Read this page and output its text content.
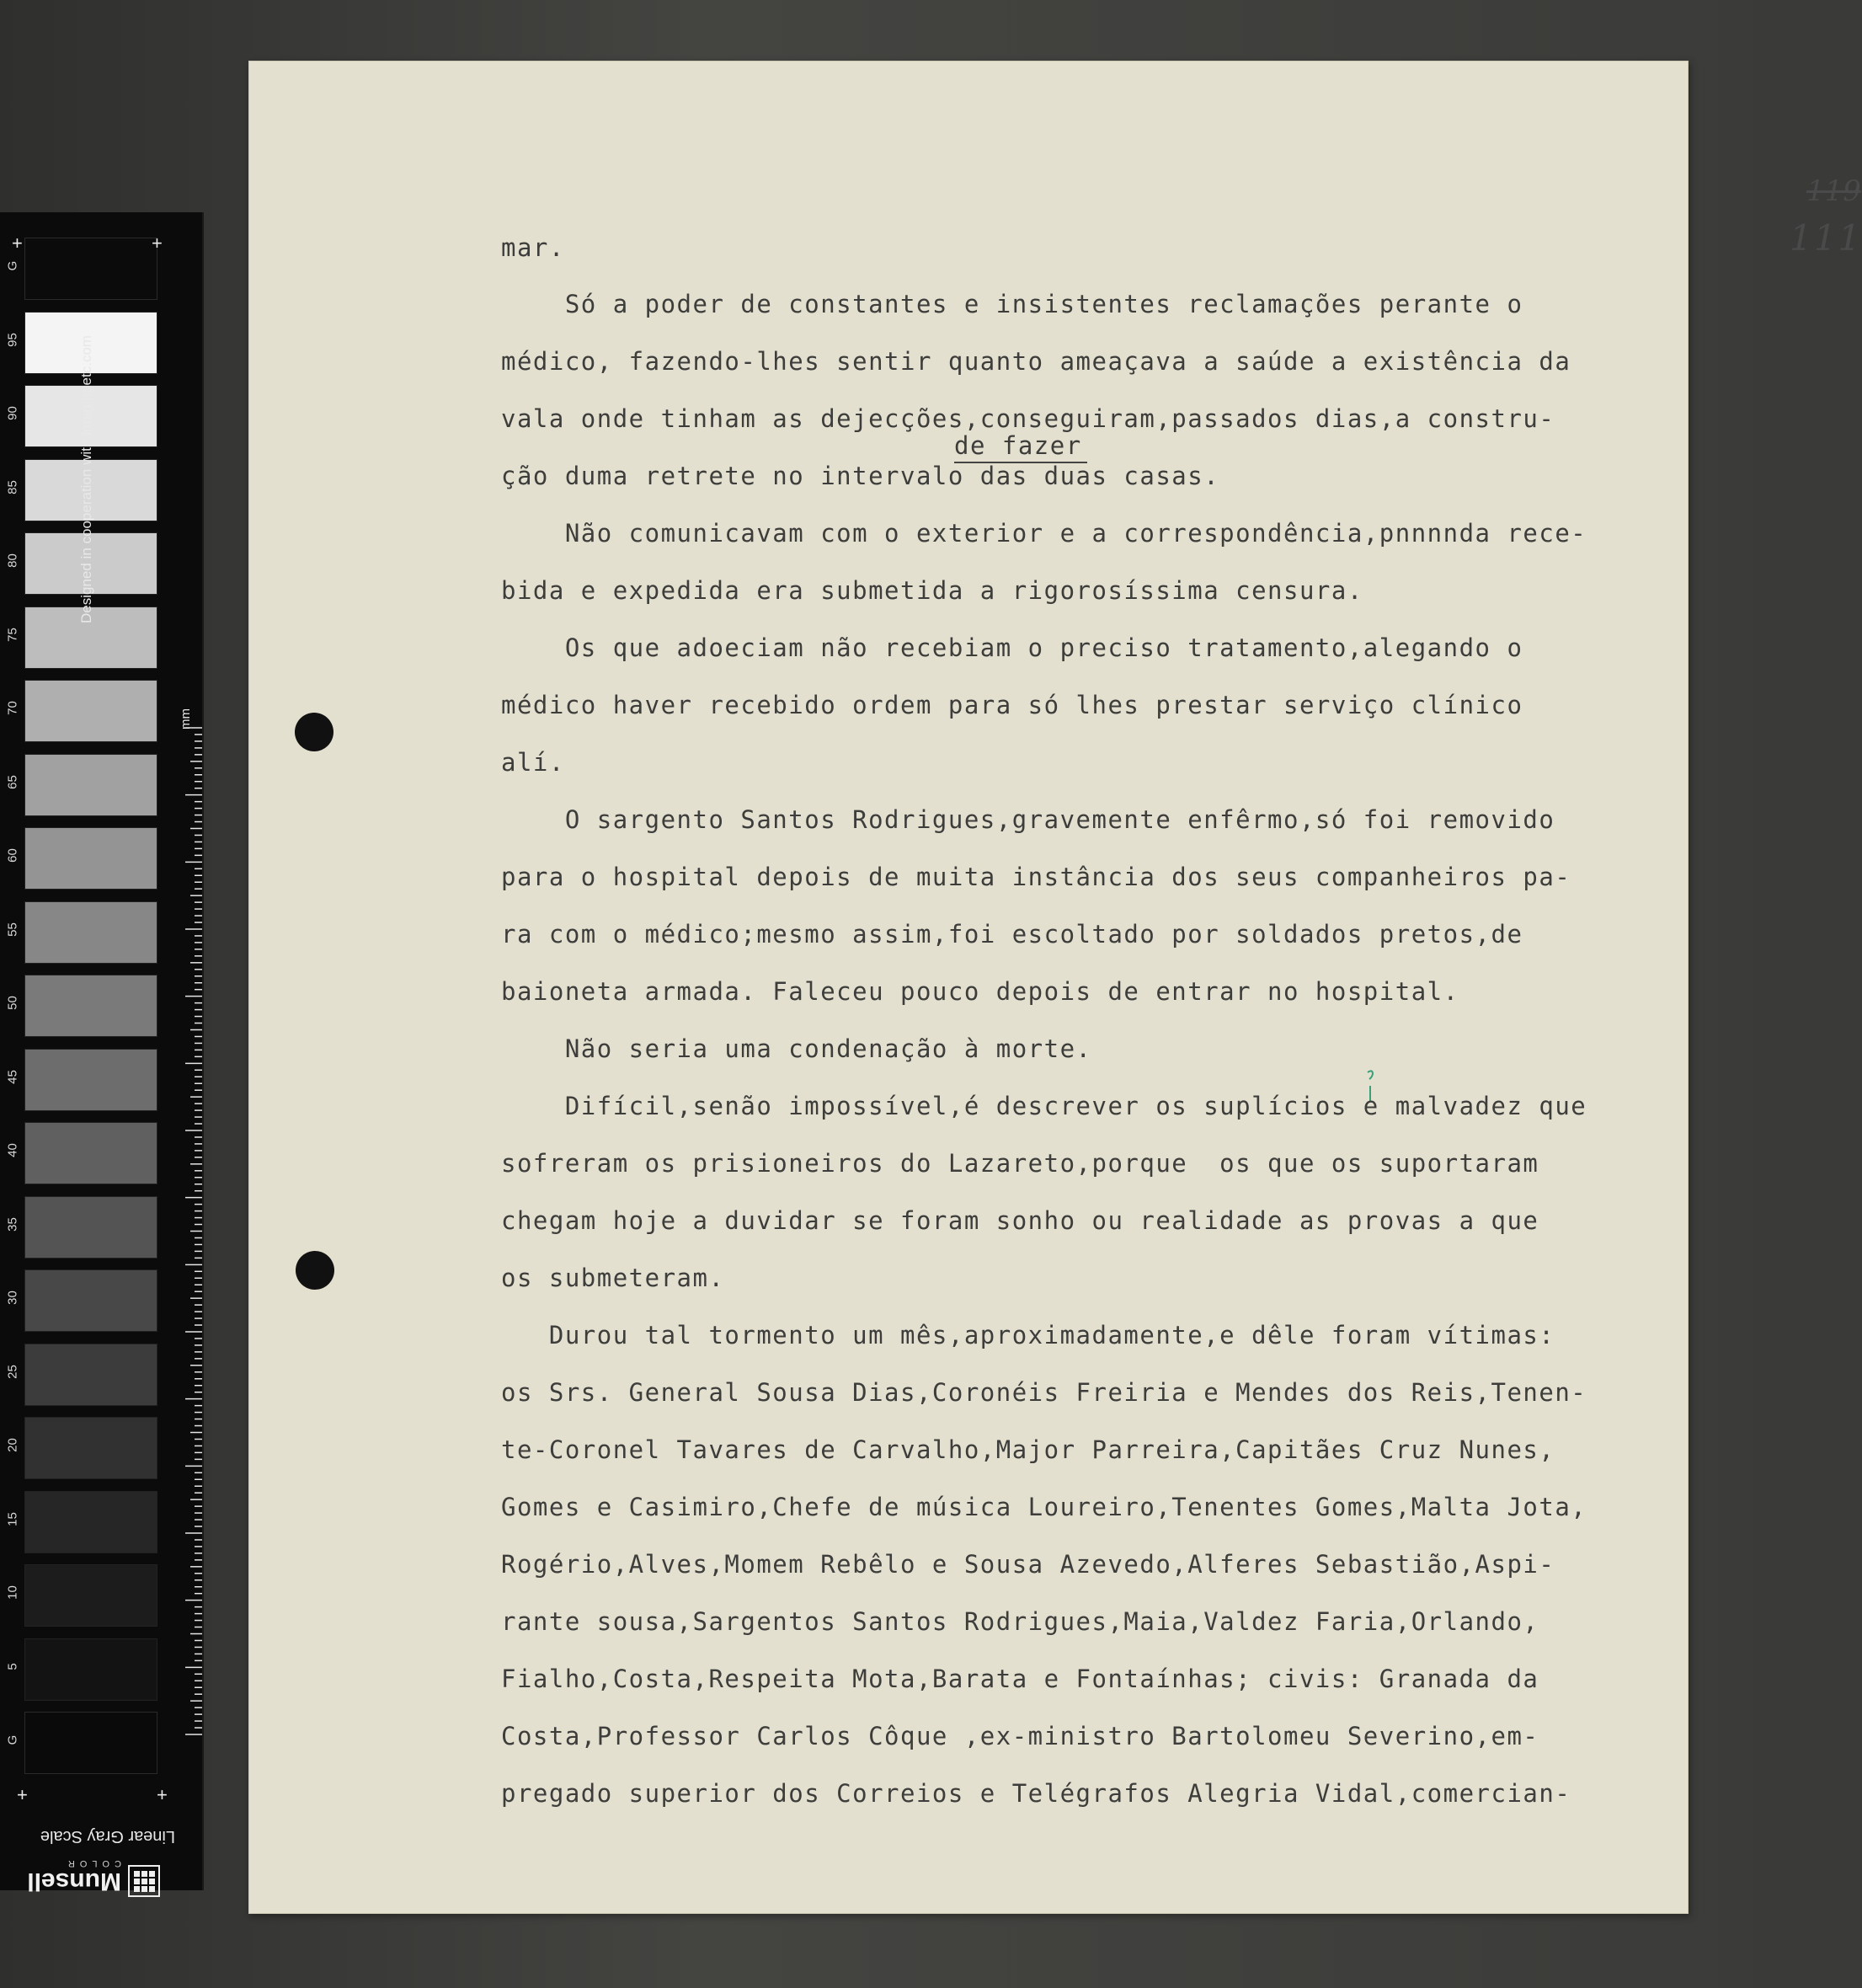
G
95
90
85
80
75
70
65
60
55
50
45
40
35
30
25
20
15
10
5
G
+	+
+	+
Designed in cooperation with imagingetc.com
mm
Linear Gray Scale
Munsell
COLOR
119
111
de fazer
mar.
Só a poder de constantes e insistentes reclamações perante o
médico, fazendo-lhes sentir quanto ameaçava a saúde a existência da
vala onde tinham as dejecções,conseguiram,passados dias,a constru-
ção duma retrete no intervalo das duas casas.
Não comunicavam com o exterior e a correspondência,pnnnnda rece-
bida e expedida era submetida a rigorosíssima censura.
Os que adoeciam não recebiam o preciso tratamento,alegando o
médico haver recebido ordem para só lhes prestar serviço clínico
alí.
O sargento Santos Rodrigues,gravemente enfêrmo,só foi removido
para o hospital depois de muita instância dos seus companheiros pa-
ra com o médico;mesmo assim,foi escoltado por soldados pretos,de
baioneta armada. Faleceu pouco depois de entrar no hospital.
Não seria uma condenação à morte.
Difícil,senão impossível,é descrever os suplícios e malvadez que
sofreram os prisioneiros do Lazareto,porque  os que os suportaram
chegam hoje a duvidar se foram sonho ou realidade as provas a que
os submeteram.
Durou tal tormento um mês,aproximadamente,e dêle foram vítimas:
os Srs. General Sousa Dias,Coronéis Freiria e Mendes dos Reis,Tenen-
te-Coronel Tavares de Carvalho,Major Parreira,Capitães Cruz Nunes,
Gomes e Casimiro,Chefe de música Loureiro,Tenentes Gomes,Malta Jota,
Rogério,Alves,Momem Rebêlo e Sousa Azevedo,Alferes Sebastião,Aspi-
rante sousa,Sargentos Santos Rodrigues,Maia,Valdez Faria,Orlando,
Fialho,Costa,Respeita Mota,Barata e Fontaínhas; civis: Granada da
Costa,Professor Carlos Côque ,ex-ministro Bartolomeu Severino,em-
pregado superior dos Correios e Telégrafos Alegria Vidal,comercian-
